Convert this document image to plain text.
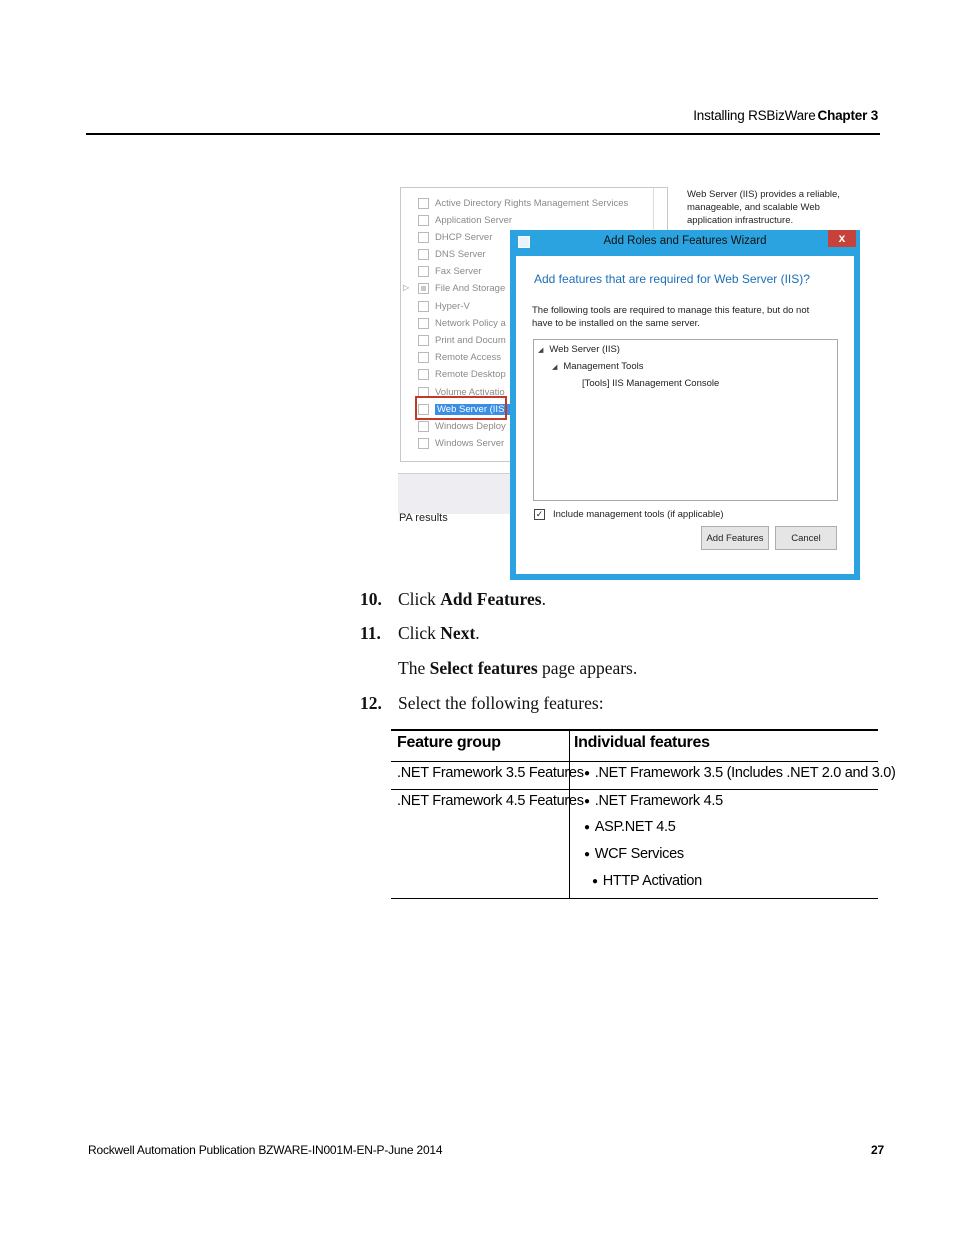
Installing RSBizWare Chapter 3
▷
Active Directory Rights Management Services
Application Server
DHCP Server
DNS Server
Fax Server
File And Storage
Hyper-V
Network Policy a
Print and Docum
Remote Access
Remote Desktop
Volume Activatio
Web Server (IIS)
Windows Deploy
Windows Server
PA results
Web Server (IIS) provides a reliable, manageable, and scalable Web application infrastructure.
Add Roles and Features Wizard	x
Add features that are required for Web Server (IIS)?
The following tools are required to manage this feature, but do not have to be installed on the same server.
◢ Web Server (IIS)
◢ Management Tools
[Tools] IIS Management Console
✓ Include management tools (if applicable)
Add Features	Cancel
10. Click Add Features.
11. Click Next.
The Select features page appears.
12. Select the following features:
Feature group	Individual features
.NET Framework 3.5 Features ● .NET Framework 3.5 (Includes .NET 2.0 and 3.0)
.NET Framework 4.5 Features ● .NET Framework 4.5
● ASP.NET 4.5
● WCF Services
● HTTP Activation
Rockwell Automation Publication BZWARE-IN001M-EN-P-June 2014	27
